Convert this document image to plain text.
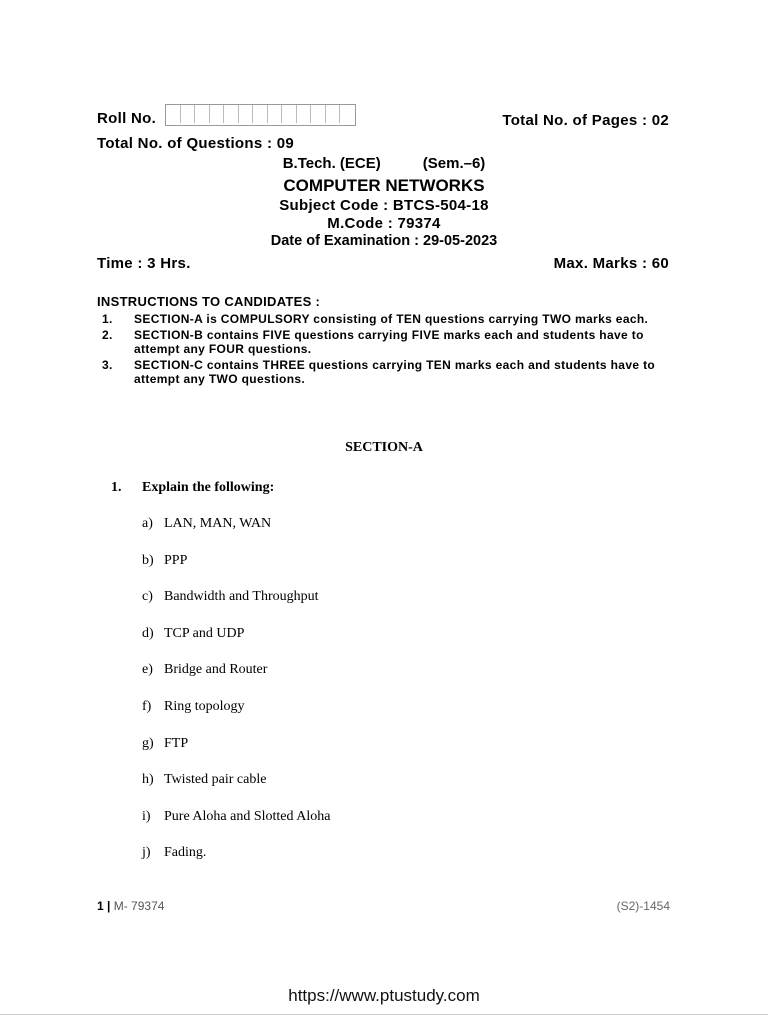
Roll No.	Total No. of Pages : 02
Total No. of Questions : 09
B.Tech. (ECE)	(Sem.–6)
COMPUTER NETWORKS
Subject Code : BTCS-504-18
M.Code : 79374
Date of Examination : 29-05-2023
Time : 3 Hrs.	Max. Marks : 60
INSTRUCTIONS TO CANDIDATES :
1.	SECTION-A is COMPULSORY consisting of TEN questions carrying TWO marks each.
2.	SECTION-B contains FIVE questions carrying FIVE marks each and students have to attempt any FOUR questions.
3.	SECTION-C contains THREE questions carrying TEN marks each and students have to attempt any TWO questions.
SECTION-A
1. Explain the following:
a) LAN, MAN, WAN
b) PPP
c) Bandwidth and Throughput
d) TCP and UDP
e) Bridge and Router
f) Ring topology
g) FTP
h) Twisted pair cable
i) Pure Aloha and Slotted Aloha
j) Fading.
1 | M- 79374	(S2)-1454
https://www.ptustudy.com
